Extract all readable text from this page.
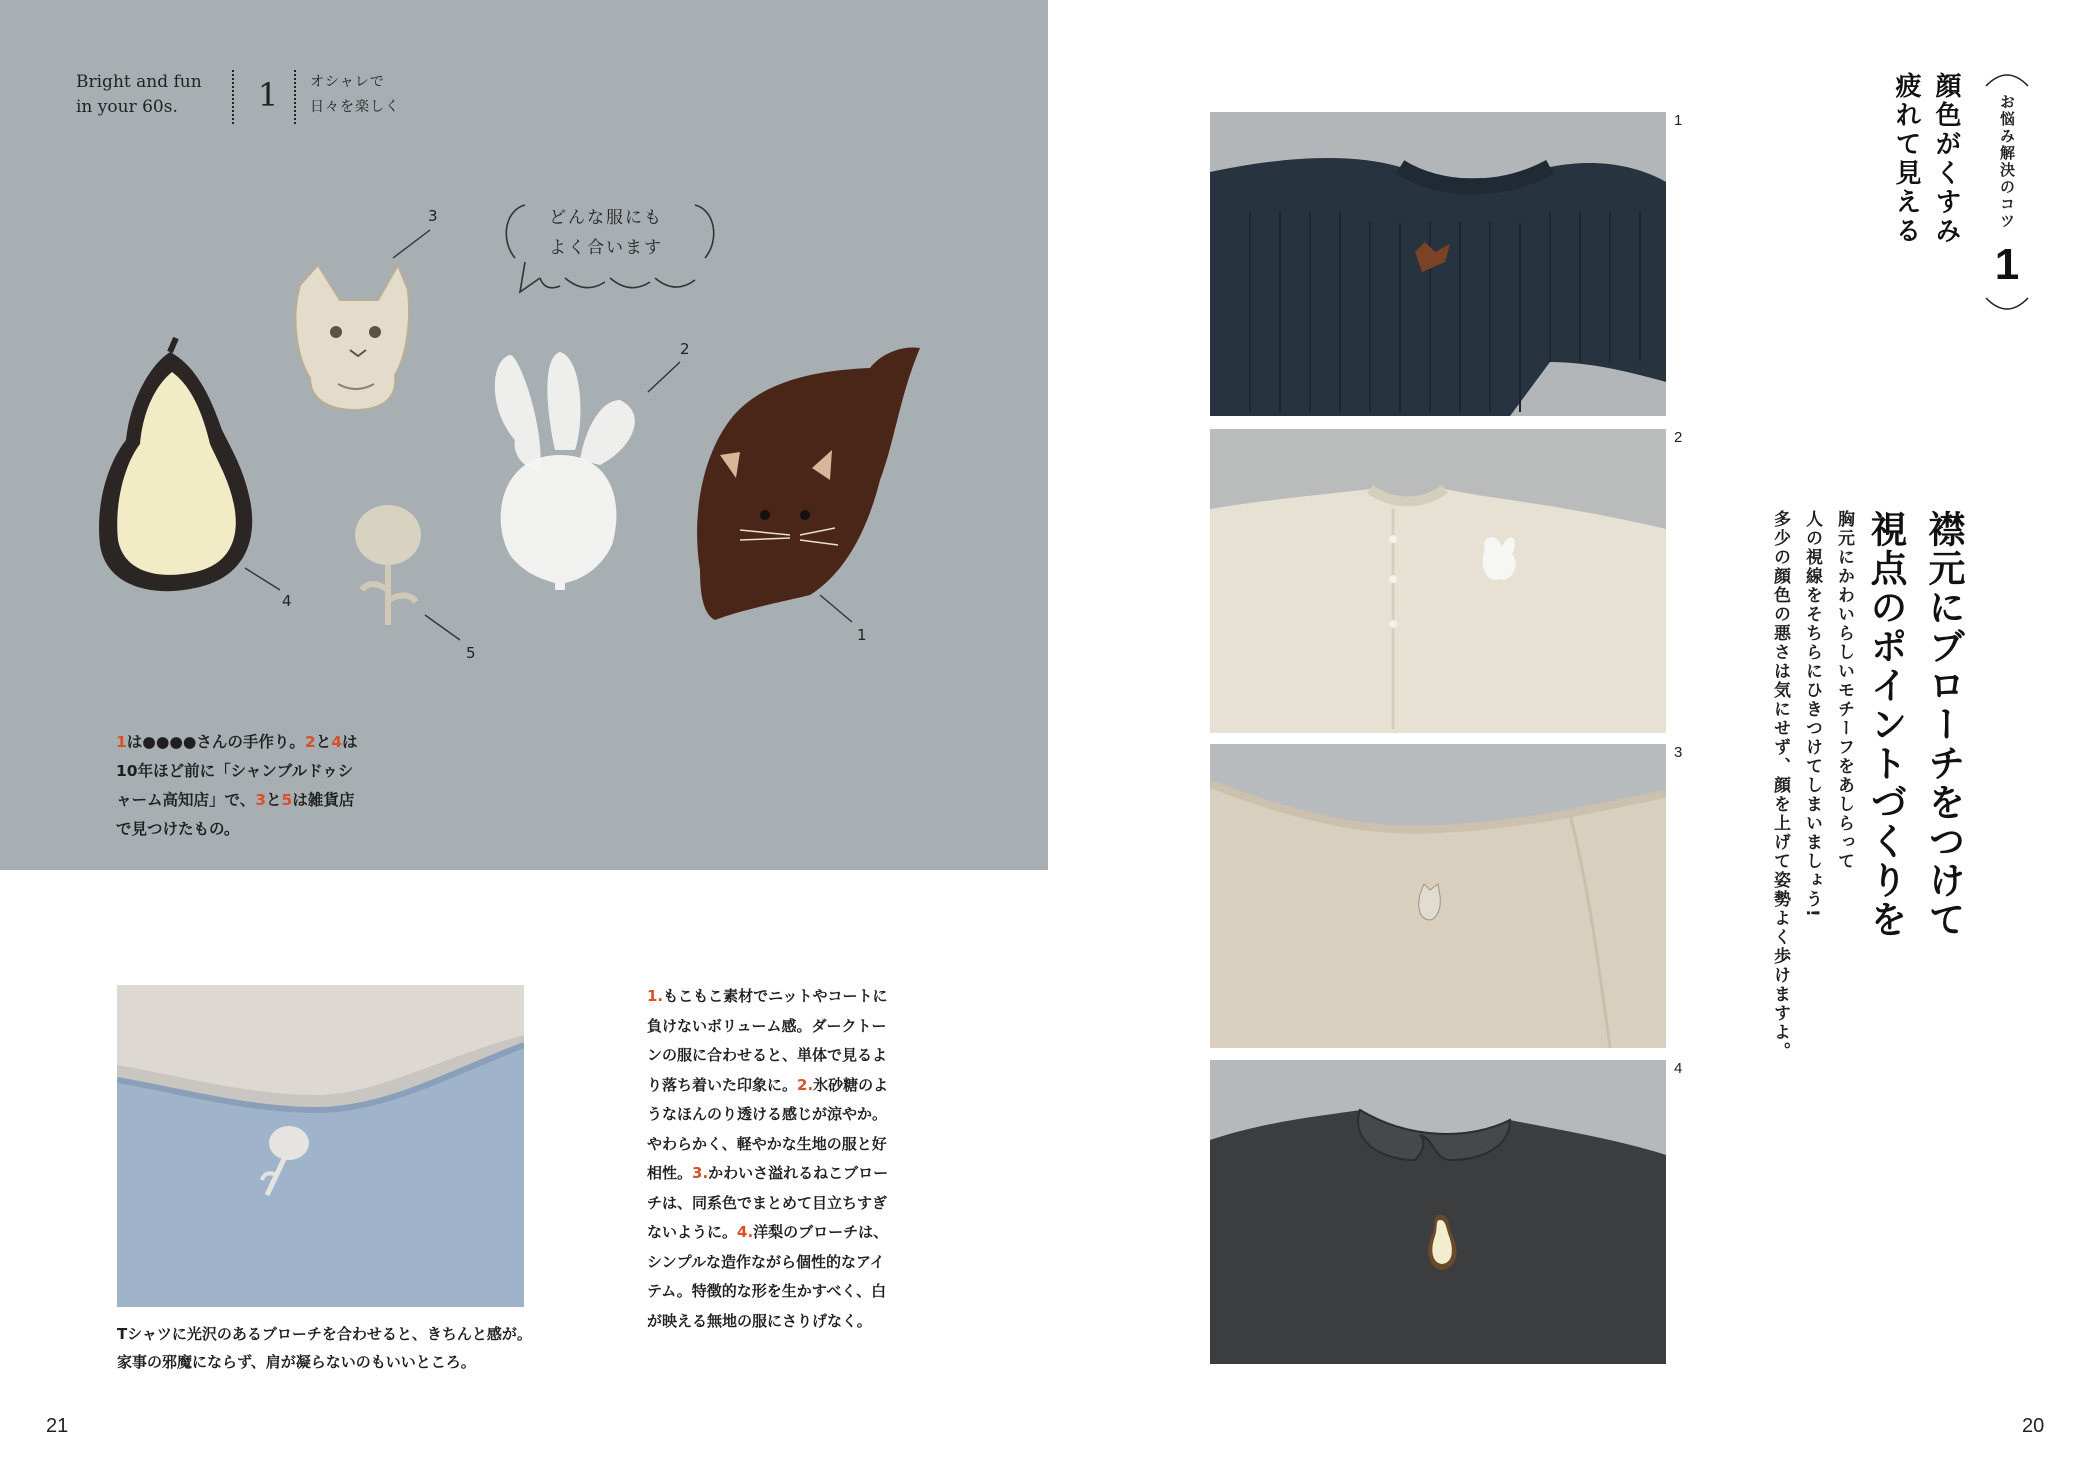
Bright and fun
in your 60s.	1	オシャレで
日々を楽しく
どんな服にも
よく合います
3
2
4
5
1
1は●●●●さんの手作り。2と4は10年ほど前に「シャンブルドゥシャーム高知店」で、3と5は雑貨店で見つけたもの。
Tシャツに光沢のあるブローチを合わせると、きちんと感が。
家事の邪魔にならず、肩が凝らないのもいいところ。
1.もこもこ素材でニットやコートに負けないボリューム感。ダークトーンの服に合わせると、単体で見るより落ち着いた印象に。2.氷砂糖のようなほんのり透ける感じが涼やか。やわらかく、軽やかな生地の服と好相性。3.かわいさ溢れるねこブローチは、同系色でまとめて目立ちすぎないように。4.洋梨のブローチは、シンプルな造作ながら個性的なアイテム。特徴的な形を生かすべく、白が映える無地の服にさりげなく。
21
1
2
3
4
お悩み解決のコツ
1
顔色がくすみ
疲れて見える
襟元にブローチをつけて
視点のポイントづくりを
胸元にかわいらしいモチーフをあしらって
人の視線をそちらにひきつけてしまいましょう!
多少の顔色の悪さは気にせず、顔を上げて姿勢よく歩けますよ。
20
